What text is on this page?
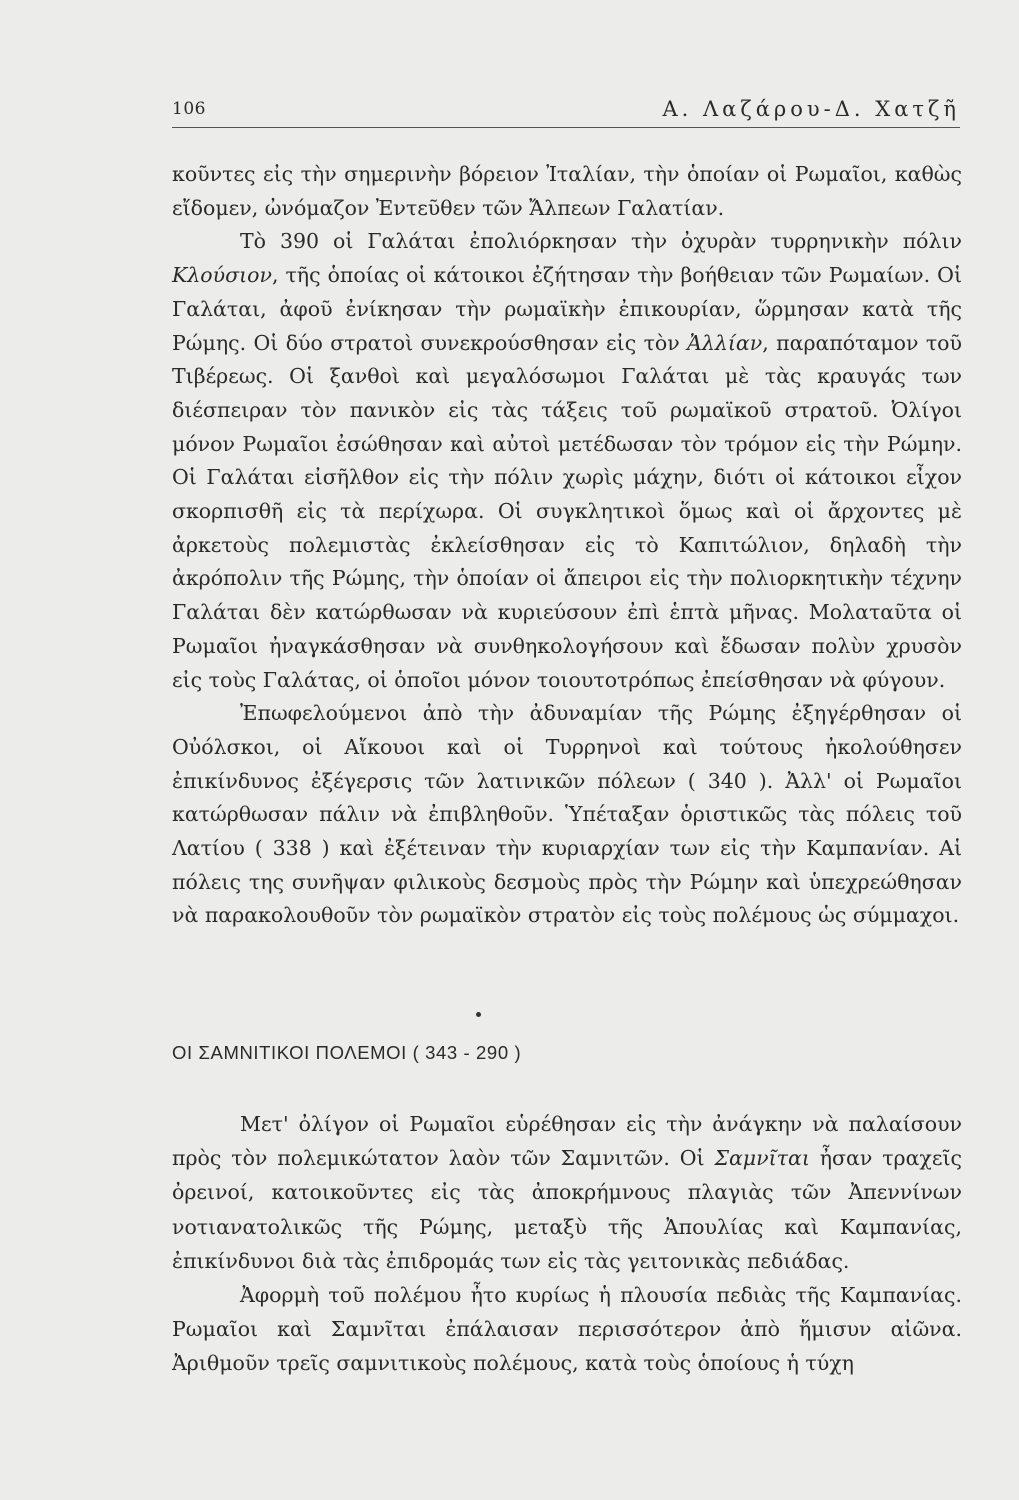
106	Α. Λαζάρου-Δ. Χατζῆ

κοῦντες εἰς τὴν σημερινὴν βόρειον Ἰταλίαν, τὴν ὁποίαν οἱ Ρωμαῖοι, καθὼς εἴδομεν, ὠνόμαζον Ἐντεῦθεν τῶν Ἄλπεων Γαλατίαν.

Τὸ 390 οἱ Γαλάται ἐπολιόρκησαν τὴν ὀχυρὰν τυρρηνικὴν πόλιν Κλούσιον, τῆς ὁποίας οἱ κάτοικοι ἐζήτησαν τὴν βοήθειαν τῶν Ρωμαίων. Οἱ Γαλάται, ἀφοῦ ἐνίκησαν τὴν ρωμαϊκὴν ἐπικουρίαν, ὥρμησαν κατὰ τῆς Ρώμης. Οἱ δύο στρατοὶ συνεκρούσθησαν εἰς τὸν Ἀλλίαν, παραπόταμον τοῦ Τιβέρεως. Οἱ ξανθοὶ καὶ μεγαλόσωμοι Γαλάται μὲ τὰς κραυγάς των διέσπειραν τὸν πανικὸν εἰς τὰς τάξεις τοῦ ρωμαϊκοῦ στρατοῦ. Ὀλίγοι μόνον Ρωμαῖοι ἐσώθησαν καὶ αὐτοὶ μετέδωσαν τὸν τρόμον εἰς τὴν Ρώμην. Οἱ Γαλάται εἰσῆλθον εἰς τὴν πόλιν χωρὶς μάχην, διότι οἱ κάτοικοι εἶχον σκορπισθῆ εἰς τὰ περίχωρα. Οἱ συγκλητικοὶ ὅμως καὶ οἱ ἄρχοντες μὲ ἀρκετοὺς πολεμιστὰς ἐκλείσθησαν εἰς τὸ Καπιτώλιον, δηλαδὴ τὴν ἀκρόπολιν τῆς Ρώμης, τὴν ὁποίαν οἱ ἄπειροι εἰς τὴν πολιορκητικὴν τέχνην Γαλάται δὲν κατώρθωσαν νὰ κυριεύσουν ἐπὶ ἑπτὰ μῆνας. Μολαταῦτα οἱ Ρωμαῖοι ἠναγκάσθησαν νὰ συνθηκολογήσουν καὶ ἔδωσαν πολὺν χρυσὸν εἰς τοὺς Γαλάτας, οἱ ὁποῖοι μόνον τοιουτοτρόπως ἐπείσθησαν νὰ φύγουν.

Ἐπωφελούμενοι ἀπὸ τὴν ἀδυναμίαν τῆς Ρώμης ἐξηγέρθησαν οἱ Οὐόλσκοι, οἱ Αἴκουοι καὶ οἱ Τυρρηνοὶ καὶ τούτους ἠκολούθησεν ἐπικίνδυνος ἐξέγερσις τῶν λατινικῶν πόλεων ( 340 ). Ἀλλ' οἱ Ρωμαῖοι κατώρθωσαν πάλιν νὰ ἐπιβληθοῦν. Ὑπέταξαν ὁριστικῶς τὰς πόλεις τοῦ Λατίου ( 338 ) καὶ ἐξέτειναν τὴν κυριαρχίαν των εἰς τὴν Καμπανίαν. Αἱ πόλεις της συνῆψαν φιλικοὺς δεσμοὺς πρὸς τὴν Ρώμην καὶ ὑπεχρεώθησαν νὰ παρακολουθοῦν τὸν ρωμαϊκὸν στρατὸν εἰς τοὺς πολέμους ὡς σύμμαχοι.

ΟΙ ΣΑΜΝΙΤΙΚΟΙ ΠΟΛΕΜΟΙ ( 343 - 290 )

Μετ' ὀλίγον οἱ Ρωμαῖοι εὑρέθησαν εἰς τὴν ἀνάγκην νὰ παλαίσουν πρὸς τὸν πολεμικώτατον λαὸν τῶν Σαμνιτῶν. Οἱ Σαμνῖται ἦσαν τραχεῖς ὀρεινοί, κατοικοῦντες εἰς τὰς ἀποκρήμνους πλαγιὰς τῶν Ἀπεννίνων νοτιανατολικῶς τῆς Ρώμης, μεταξὺ τῆς Ἀπουλίας καὶ Καμπανίας, ἐπικίνδυνοι διὰ τὰς ἐπιδρομάς των εἰς τὰς γειτονικὰς πεδιάδας.

Ἀφορμὴ τοῦ πολέμου ἦτο κυρίως ἡ πλουσία πεδιὰς τῆς Καμπανίας. Ρωμαῖοι καὶ Σαμνῖται ἐπάλαισαν περισσότερον ἀπὸ ἥμισυν αἰῶνα. Ἀριθμοῦν τρεῖς σαμνιτικοὺς πολέμους, κατὰ τοὺς ὁποίους ἡ τύχη
